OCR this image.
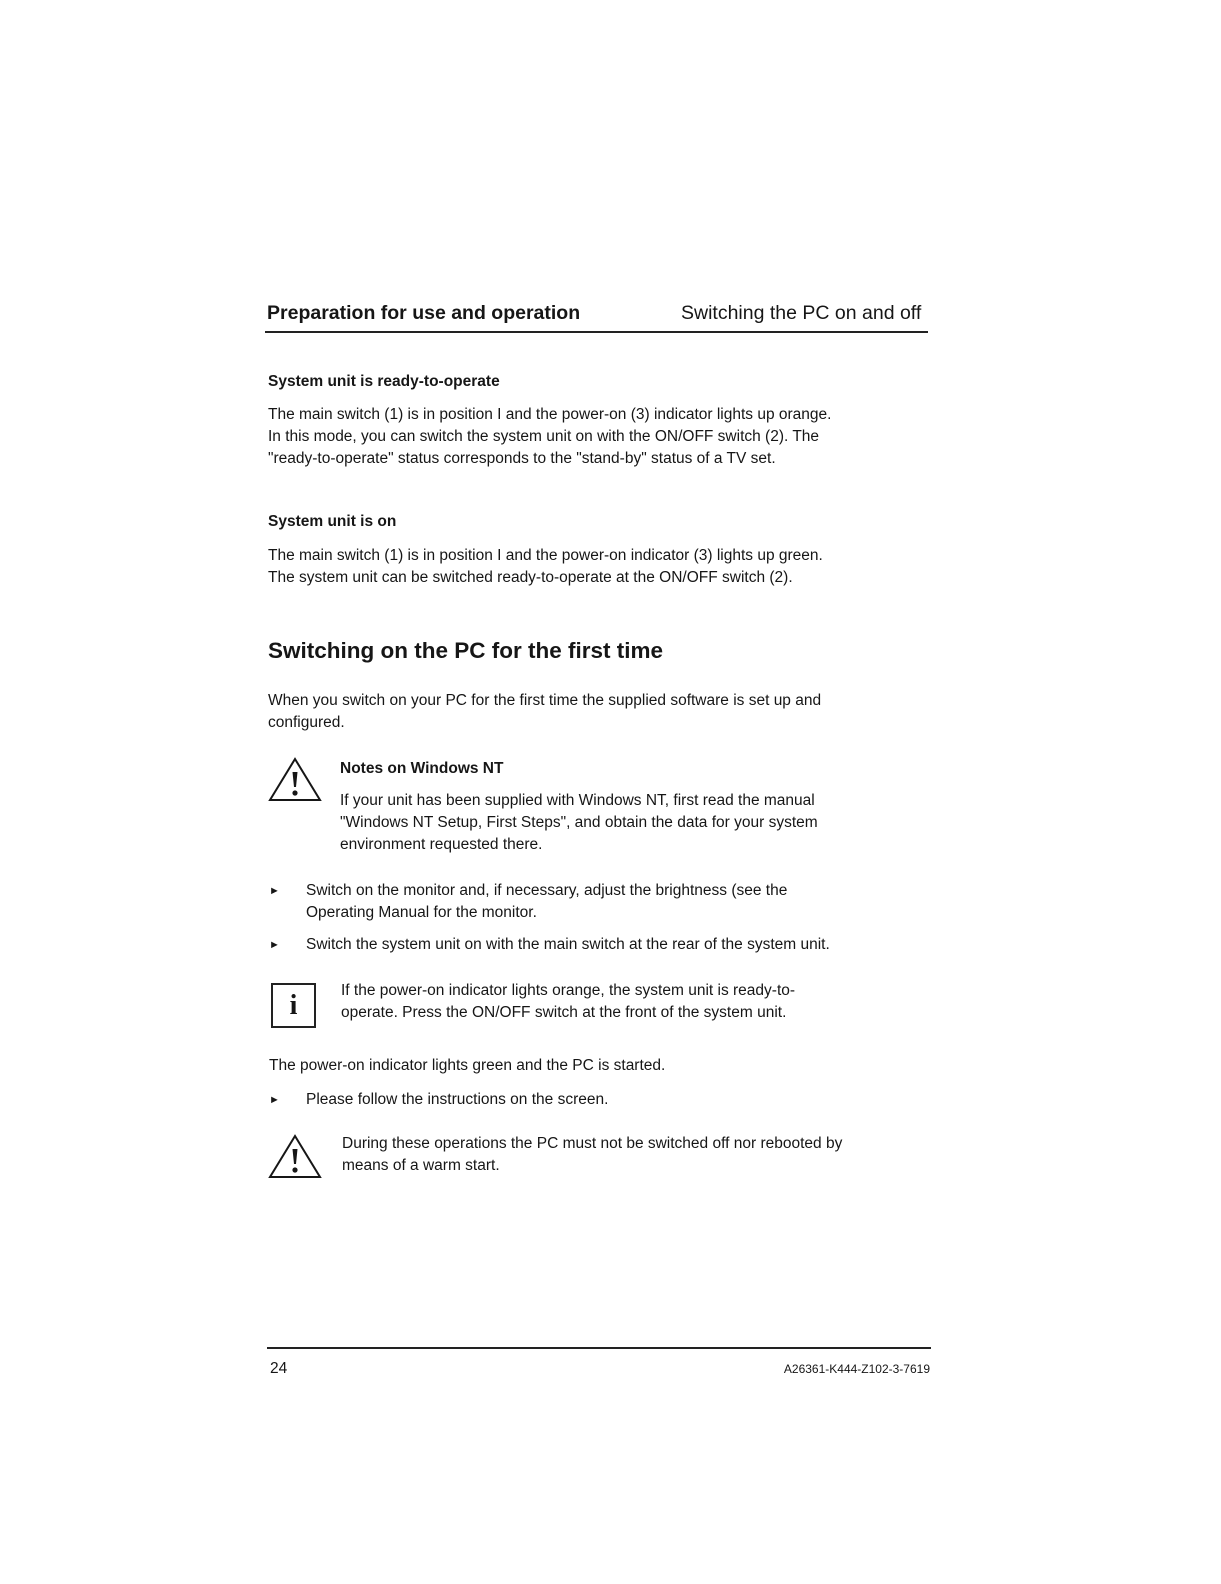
Preparation for use and operation	Switching the PC on and off
System unit is ready-to-operate
The main switch (1) is in position I and the power-on (3) indicator lights up orange.
In this mode, you can switch the system unit on with the ON/OFF switch (2). The
"ready-to-operate" status corresponds to the "stand-by" status of a TV set.
System unit is on
The main switch (1) is in position I and the power-on indicator (3) lights up green.
The system unit can be switched ready-to-operate at the ON/OFF switch (2).
Switching on the PC for the first time
When you switch on your PC for the first time the supplied software is set up and
configured.
Notes on Windows NT
If your unit has been supplied with Windows NT, first read the manual
"Windows NT Setup, First Steps", and obtain the data for your system
environment requested there.
► Switch on the monitor and, if necessary, adjust the brightness (see the
Operating Manual for the monitor.
► Switch the system unit on with the main switch at the rear of the system unit.
i	If the power-on indicator lights orange, the system unit is ready-to-
operate. Press the ON/OFF switch at the front of the system unit.
The power-on indicator lights green and the PC is started.
► Please follow the instructions on the screen.
During these operations the PC must not be switched off nor rebooted by
means of a warm start.
24	A26361-K444-Z102-3-7619
